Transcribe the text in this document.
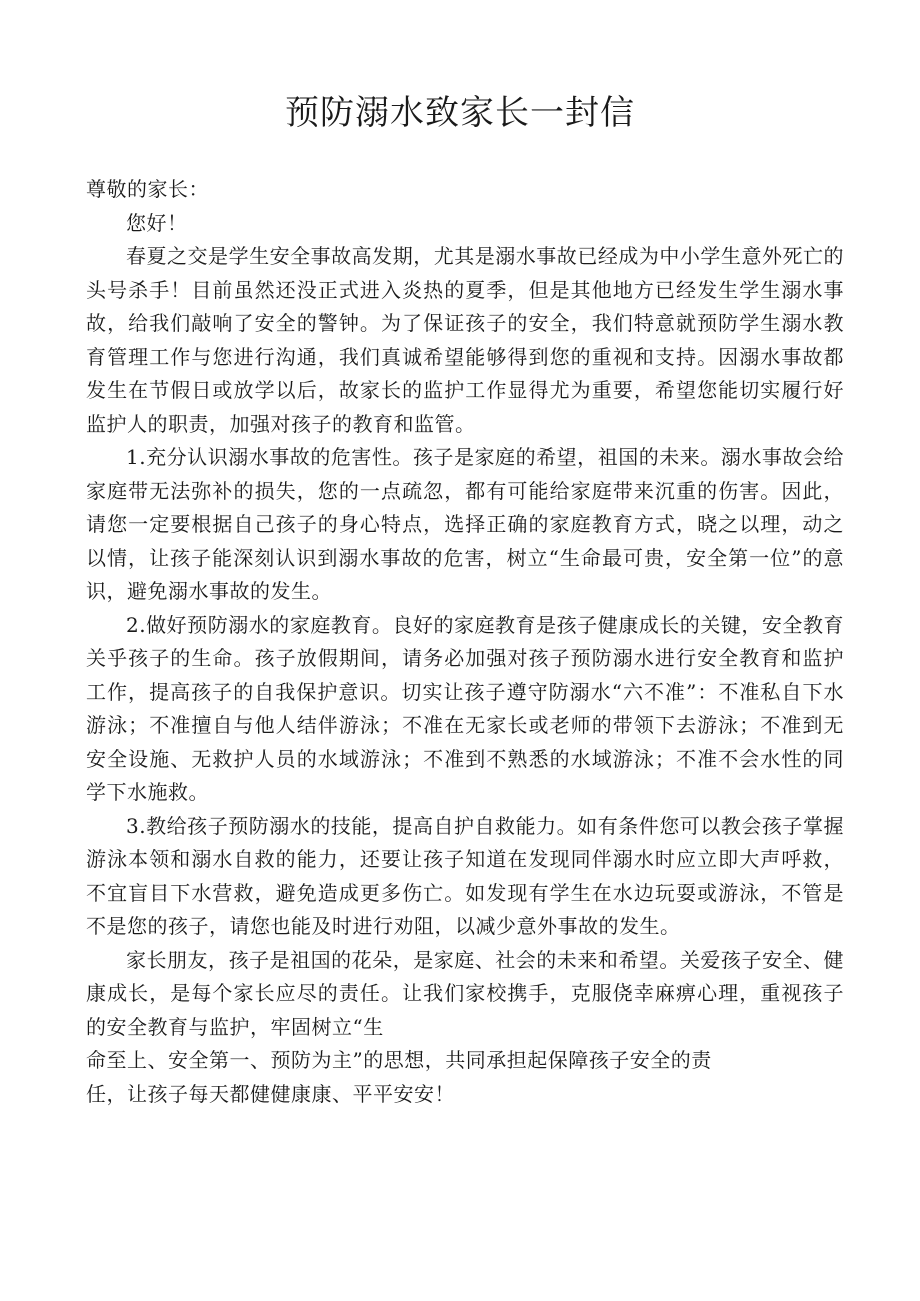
预防溺水致家长一封信

尊敬的家长：

您好！

春夏之交是学生安全事故高发期，尤其是溺水事故已经成为中小学生意外死亡的头号杀手！目前虽然还没正式进入炎热的夏季，但是其他地方已经发生学生溺水事故，给我们敲响了安全的警钟。为了保证孩子的安全，我们特意就预防学生溺水教育管理工作与您进行沟通，我们真诚希望能够得到您的重视和支持。因溺水事故都发生在节假日或放学以后，故家长的监护工作显得尤为重要，希望您能切实履行好监护人的职责，加强对孩子的教育和监管。

1.充分认识溺水事故的危害性。孩子是家庭的希望，祖国的未来。溺水事故会给家庭带无法弥补的损失，您的一点疏忽，都有可能给家庭带来沉重的伤害。因此，请您一定要根据自己孩子的身心特点，选择正确的家庭教育方式，晓之以理，动之以情，让孩子能深刻认识到溺水事故的危害，树立“生命最可贵，安全第一位”的意识，避免溺水事故的发生。

2.做好预防溺水的家庭教育。良好的家庭教育是孩子健康成长的关键，安全教育关乎孩子的生命。孩子放假期间，请务必加强对孩子预防溺水进行安全教育和监护工作，提高孩子的自我保护意识。切实让孩子遵守防溺水“六不准”：不准私自下水游泳；不准擅自与他人结伴游泳；不准在无家长或老师的带领下去游泳；不准到无安全设施、无救护人员的水域游泳；不准到不熟悉的水域游泳；不准不会水性的同学下水施救。

3.教给孩子预防溺水的技能，提高自护自救能力。如有条件您可以教会孩子掌握游泳本领和溺水自救的能力，还要让孩子知道在发现同伴溺水时应立即大声呼救，不宜盲目下水营救，避免造成更多伤亡。如发现有学生在水边玩耍或游泳，不管是不是您的孩子，请您也能及时进行劝阻，以减少意外事故的发生。

家长朋友，孩子是祖国的花朵，是家庭、社会的未来和希望。关爱孩子安全、健康成长，是每个家长应尽的责任。让我们家校携手，克服侥幸麻痹心理，重视孩子的安全教育与监护，牢固树立“生

命至上、安全第一、预防为主”的思想，共同承担起保障孩子安全的责

任，让孩子每天都健健康康、平平安安！
